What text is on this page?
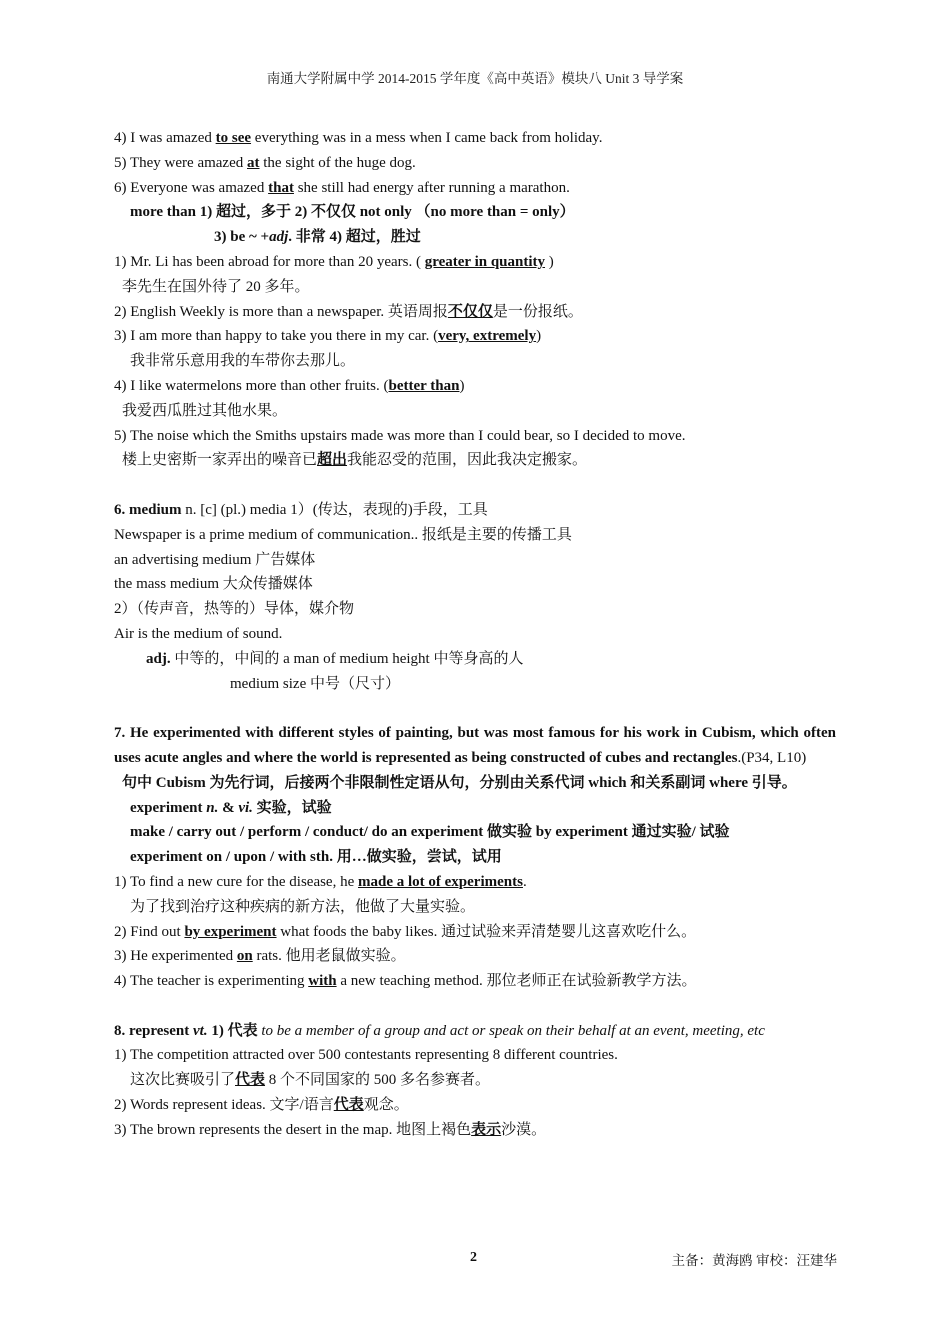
南通大学附属中学 2014-2015 学年度《高中英语》模块八 Unit 3 导学案
4) I was amazed to see everything was in a mess when I came back from holiday.
5) They were amazed at the sight of the huge dog.
6) Everyone was amazed that she still had energy after running a marathon.
more than 1) 超过，多于 2) 不仅仅 not only （no more than = only）
3) be ~ +adj. 非常 4) 超过，胜过
1) Mr. Li has been abroad for more than 20 years. ( greater in quantity )
李先生在国外待了 20 多年。
2) English Weekly is more than a newspaper. 英语周报不仅仅是一份报纸。
3) I am more than happy to take you there in my car. (very, extremely)
我非常乐意用我的车带你去那儿。
4) I like watermelons more than other fruits. (better than)
我爱西瓜胜过其他水果。
5) The noise which the Smiths upstairs made was more than I could bear, so I decided to move.
楼上史密斯一家弄出的噪音已超出我能忍受的范围，因此我决定搬家。
6. medium n. [c] (pl.) media 1）(传达，表现的)手段，工具
Newspaper is a prime medium of communication.. 报纸是主要的传播工具
an advertising medium 广告媒体
the mass medium 大众传播媒体
2）（传声音，热等的）导体，媒介物
Air is the medium of sound.
adj. 中等的，中间的 a man of medium height 中等身高的人
medium size 中号（尺寸）
7. He experimented with different styles of painting, but was most famous for his work in Cubism, which often uses acute angles and where the world is represented as being constructed of cubes and rectangles.(P34, L10)
句中 Cubism 为先行词，后接两个非限制性定语从句，分别由关系代词 which 和关系副词 where 引导。
experiment n. & vi. 实验，试验
make / carry out / perform / conduct/ do an experiment 做实验 by experiment 通过实验/ 试验
experiment on / upon / with sth. 用…做实验，尝试，试用
1) To find a new cure for the disease, he made a lot of experiments.
为了找到治疗这种疾病的新方法，他做了大量实验。
2) Find out by experiment what foods the baby likes. 通过试验来弄清楚婴儿这喜欢吃什么。
3) He experimented on rats. 他用老鼠做实验。
4) The teacher is experimenting with a new teaching method. 那位老师正在试验新教学方法。
8. represent vt. 1) 代表 to be a member of a group and act or speak on their behalf at an event, meeting, etc
1) The competition attracted over 500 contestants representing 8 different countries.
这次比赛吸引了代表 8 个不同国家的 500 多名参赛者。
2) Words represent ideas. 文字/语言代表观念。
3) The brown represents the desert in the map. 地图上褐色表示沙漠。
2	主备：黄海鸥 审校：汪建华
